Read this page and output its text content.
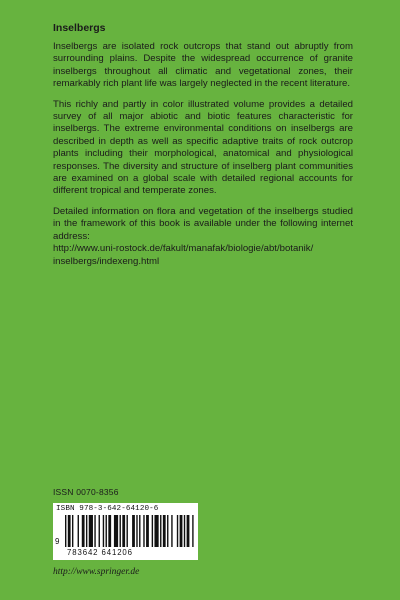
Inselbergs

Inselbergs are isolated rock outcrops that stand out abruptly from surrounding plains. Despite the widespread occurrence of granite inselbergs throughout all climatic and vegetational zones, their remarkably rich plant life was largely neglected in the recent literature.

This richly and partly in color illustrated volume provides a detailed survey of all major abiotic and biotic features characteristic for inselbergs. The extreme environmental conditions on inselbergs are described in depth as well as specific adaptive traits of rock outcrop plants including their morphological, anatomical and physiological responses. The diversity and structure of inselberg plant communities are examined on a global scale with detailed regional accounts for different tropical and temperate zones.

Detailed information on flora and vegetation of the inselbergs studied in the framework of this book is available under the following internet address:

http://www.uni-rostock.de/fakult/manafak/biologie/abt/botanik/
inselbergs/indexeng.html
ISSN 0070-8356
ISBN 978-3-642-64120-6
9
783642 641206
http://www.springer.de
